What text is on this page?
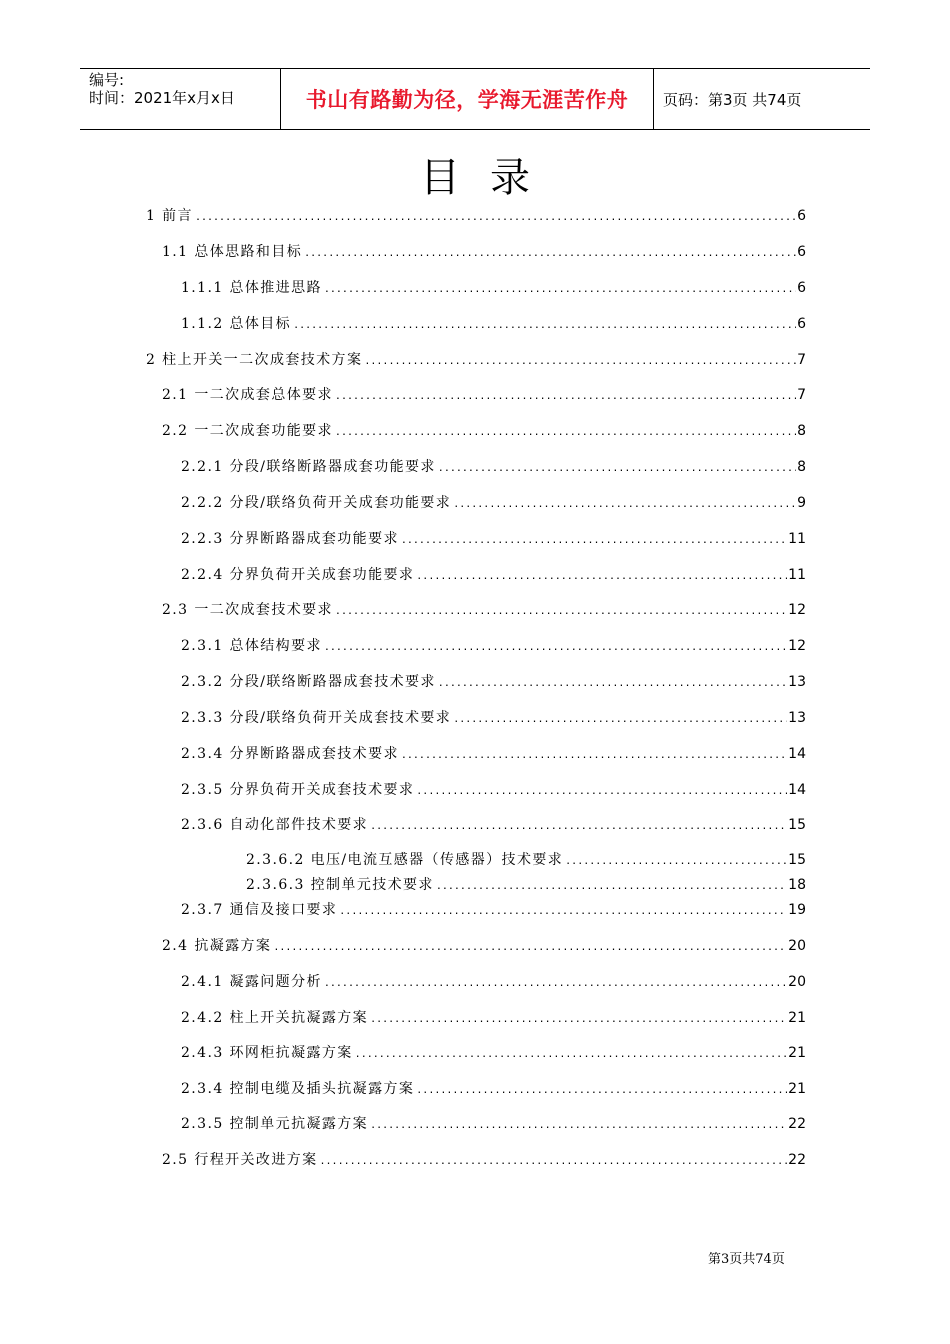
编号:
时间：2021年x月x日	书山有路勤为径，学海无涯苦作舟	页码：第3页 共74页
目录
1 前言 .....	6
1.1 总体思路和目标 .....	6
1.1.1 总体推进思路 .....	6
1.1.2 总体目标 .....	6
2 柱上开关一二次成套技术方案 .....	7
2.1 一二次成套总体要求 .....	7
2.2 一二次成套功能要求 .....	8
2.2.1 分段/联络断路器成套功能要求 .....	8
2.2.2 分段/联络负荷开关成套功能要求 .....	9
2.2.3 分界断路器成套功能要求 .....	11
2.2.4 分界负荷开关成套功能要求 .....	11
2.3 一二次成套技术要求 .....	12
2.3.1 总体结构要求 .....	12
2.3.2 分段/联络断路器成套技术要求 .....	13
2.3.3 分段/联络负荷开关成套技术要求 .....	13
2.3.4 分界断路器成套技术要求 .....	14
2.3.5 分界负荷开关成套技术要求 .....	14
2.3.6 自动化部件技术要求 .....	15
2.3.6.2 电压/电流互感器（传感器）技术要求 .....	15
2.3.6.3 控制单元技术要求 .....	18
2.3.7 通信及接口要求 .....	19
2.4 抗凝露方案 .....	20
2.4.1 凝露问题分析 .....	20
2.4.2 柱上开关抗凝露方案 .....	21
2.4.3 环网柜抗凝露方案 .....	21
2.3.4 控制电缆及插头抗凝露方案 .....	21
2.3.5 控制单元抗凝露方案 .....	22
2.5 行程开关改进方案 .....	22
第3页共74页
